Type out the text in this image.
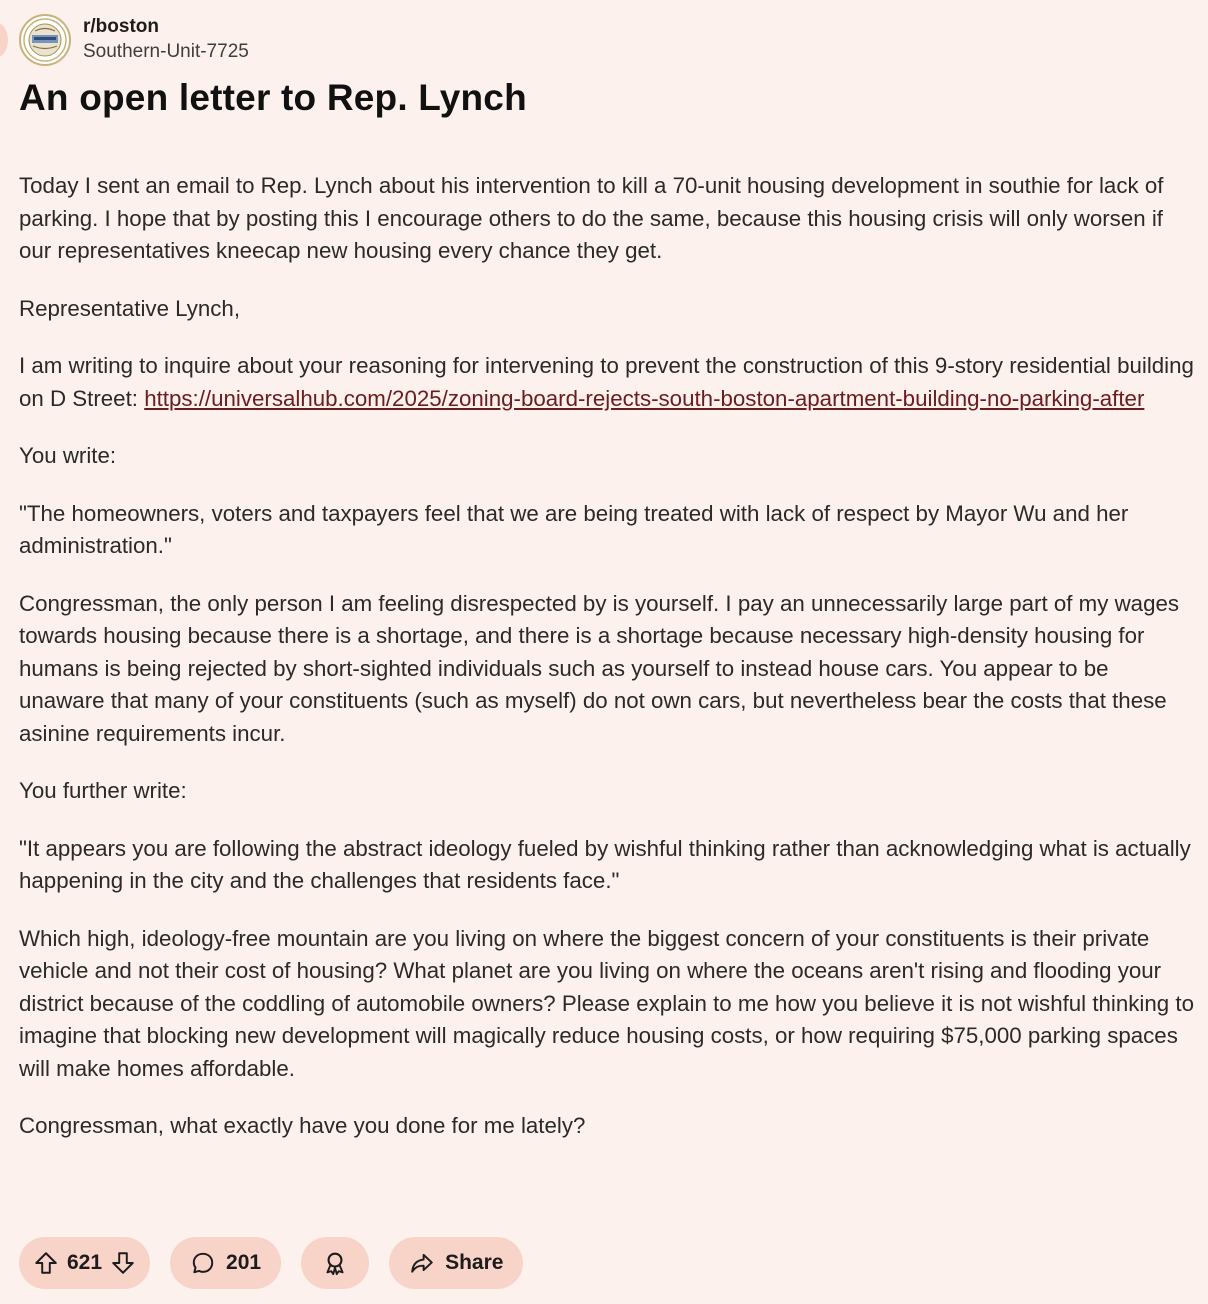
r/boston
Southern-Unit-7725
An open letter to Rep. Lynch

Today I sent an email to Rep. Lynch about his intervention to kill a 70-unit housing development in southie for lack of parking. I hope that by posting this I encourage others to do the same, because this housing crisis will only worsen if our representatives kneecap new housing every chance they get.

Representative Lynch,

I am writing to inquire about your reasoning for intervening to prevent the construction of this 9-story residential building on D Street: https://universalhub.com/2025/zoning-board-rejects-south-boston-apartment-building-no-parking-after

You write:

"The homeowners, voters and taxpayers feel that we are being treated with lack of respect by Mayor Wu and her administration."

Congressman, the only person I am feeling disrespected by is yourself. I pay an unnecessarily large part of my wages towards housing because there is a shortage, and there is a shortage because necessary high-density housing for humans is being rejected by short-sighted individuals such as yourself to instead house cars. You appear to be unaware that many of your constituents (such as myself) do not own cars, but nevertheless bear the costs that these asinine requirements incur.

You further write:

"It appears you are following the abstract ideology fueled by wishful thinking rather than acknowledging what is actually happening in the city and the challenges that residents face."

Which high, ideology-free mountain are you living on where the biggest concern of your constituents is their private vehicle and not their cost of housing? What planet are you living on where the oceans aren't rising and flooding your district because of the coddling of automobile owners? Please explain to me how you believe it is not wishful thinking to imagine that blocking new development will magically reduce housing costs, or how requiring $75,000 parking spaces will make homes affordable.

Congressman, what exactly have you done for me lately?

621	201	Share
